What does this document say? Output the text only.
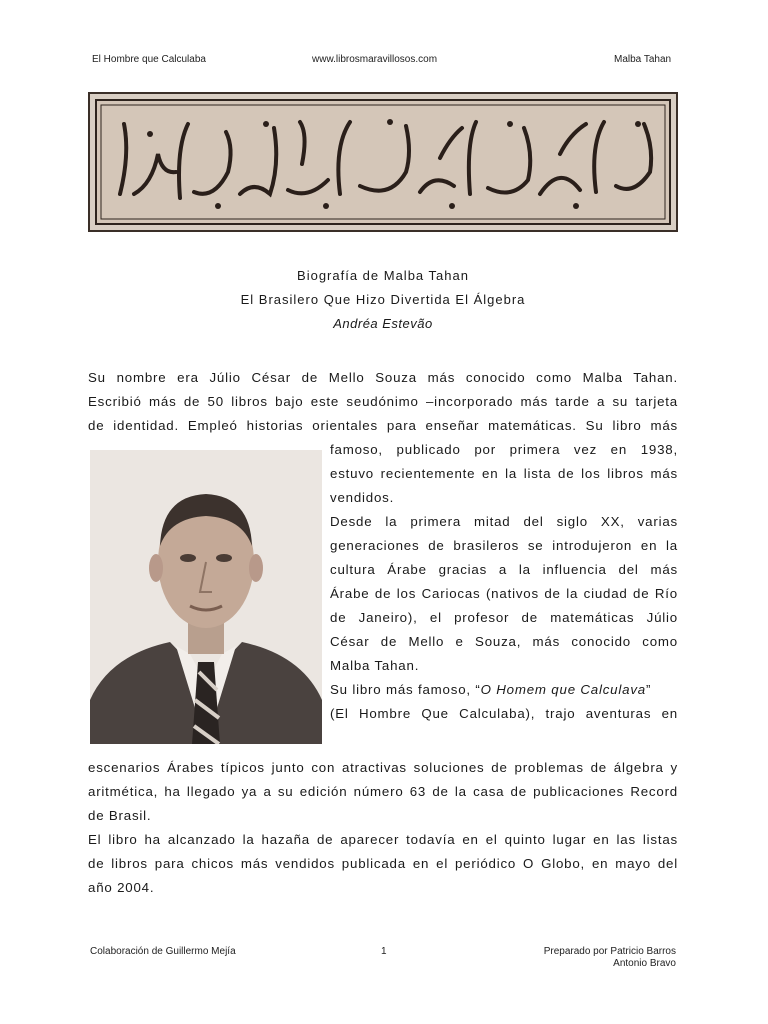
El Hombre que Calculaba	www.librosmaravillosos.com	Malba Tahan
Biografía de Malba Tahan
El Brasilero Que Hizo Divertida El Álgebra
Andréa Estevão
Su nombre era Júlio César de Mello Souza más conocido como Malba Tahan.
Escribió más de 50 libros bajo este seudónimo –incorporado más tarde a su tarjeta
de identidad. Empleó historias orientales para enseñar matemáticas. Su libro más
famoso, publicado por primera vez en 1938,
estuvo recientemente en la lista de los libros más
vendidos.
Desde la primera mitad del siglo XX, varias
generaciones de brasileros se introdujeron en la
cultura Árabe gracias a la influencia del más
Árabe de los Cariocas (nativos de la ciudad de Río
de Janeiro), el profesor de matemáticas Júlio
César de Mello e Souza, más conocido como
Malba Tahan.
Su libro más famoso, “O Homem que Calculava”
(El Hombre Que Calculaba), trajo aventuras en
escenarios Árabes típicos junto con atractivas soluciones de problemas de álgebra y
aritmética, ha llegado ya a su edición número 63 de la casa de publicaciones Record
de Brasil.
El libro ha alcanzado la hazaña de aparecer todavía en el quinto lugar en las listas
de libros para chicos más vendidos publicada en el periódico O Globo, en mayo del
año 2004.
Colaboración de Guillermo Mejía	1	Preparado por Patricio Barros
Antonio Bravo
